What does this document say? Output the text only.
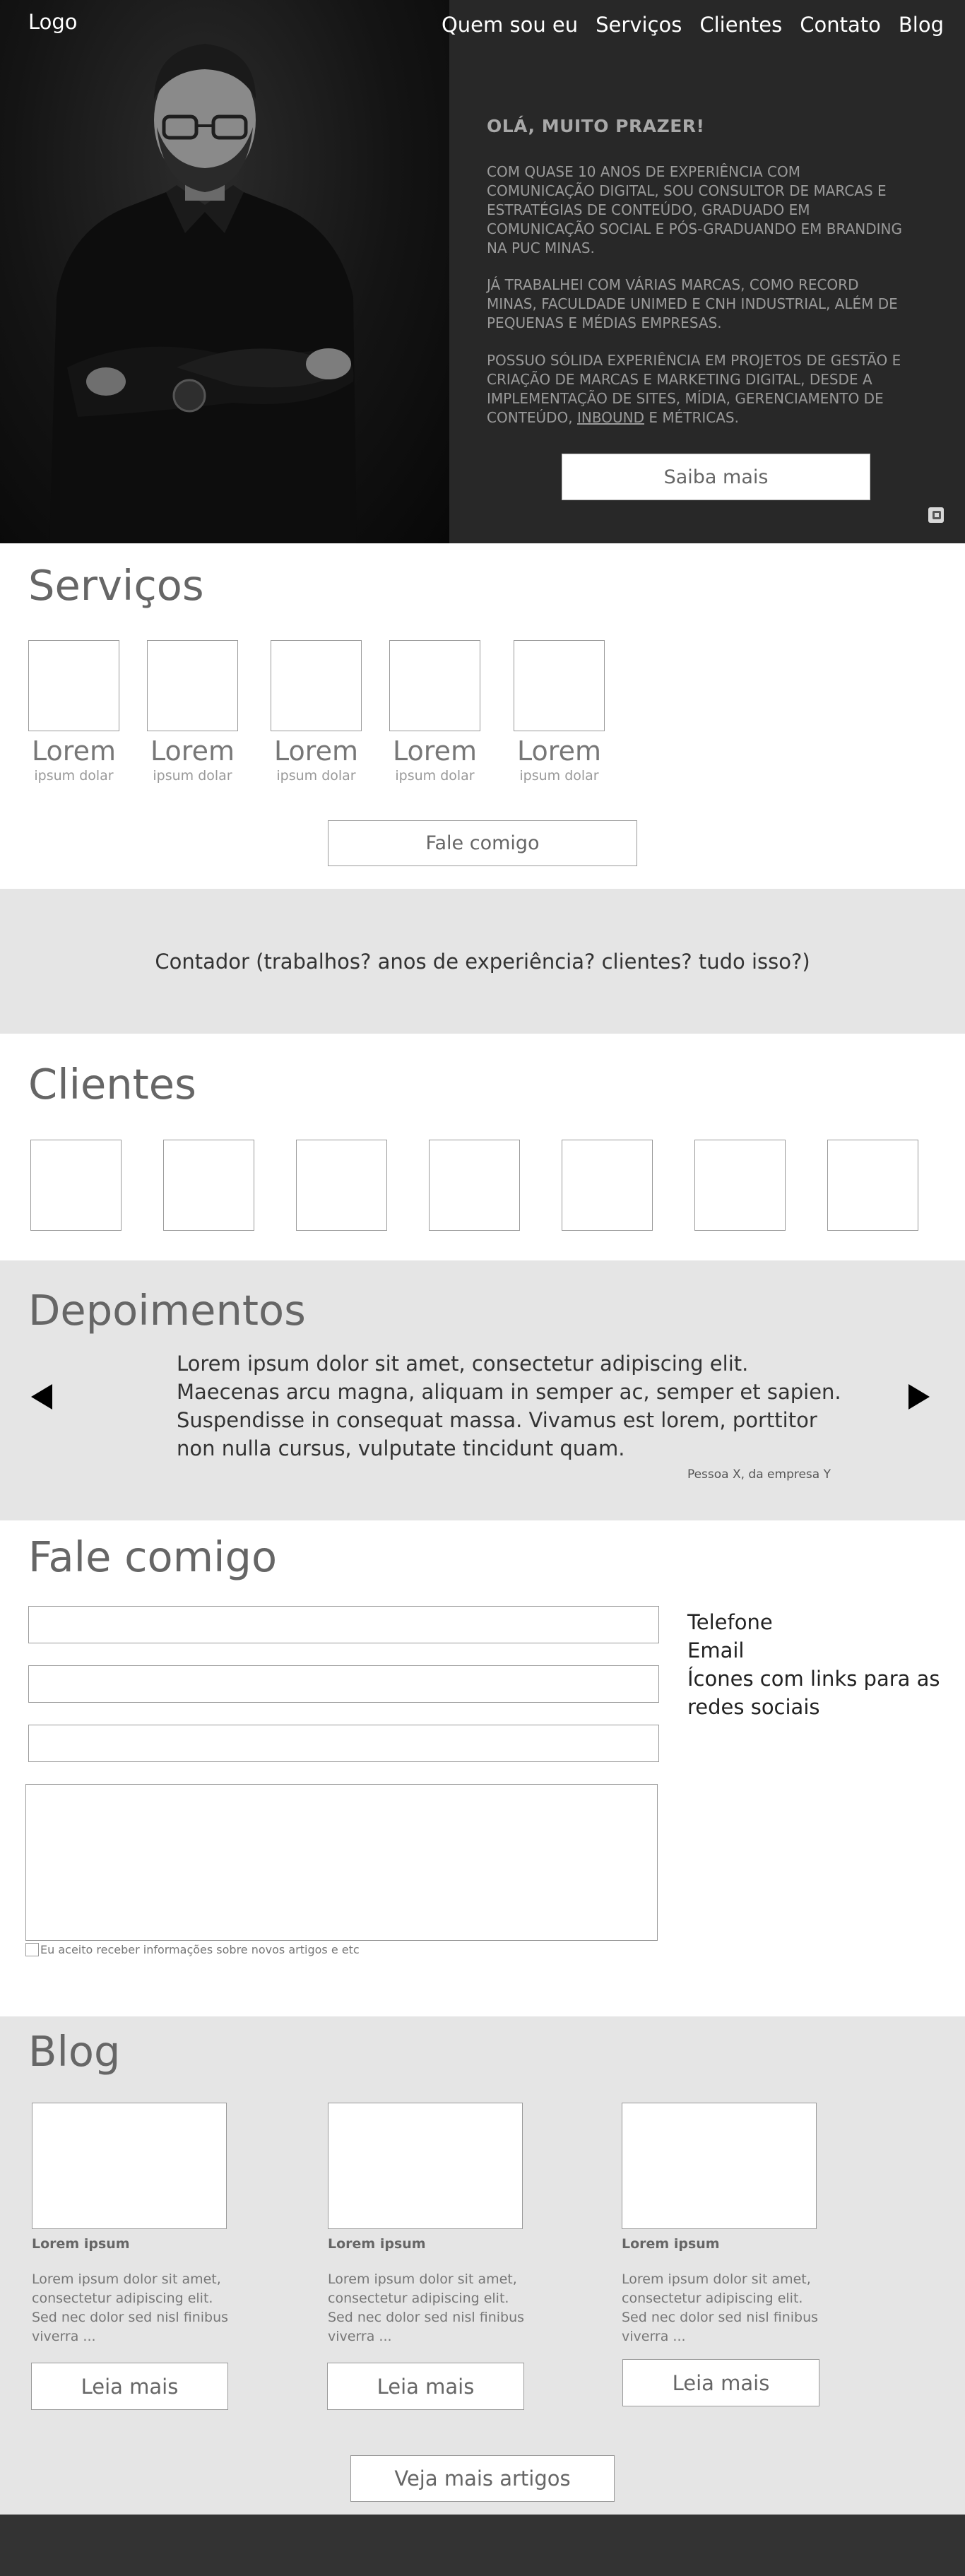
Logo	Quem sou eu Serviços Clientes Contato Blog
OLÁ, MUITO PRAZER!

COM QUASE 10 ANOS DE EXPERIÊNCIA COM COMUNICAÇÃO DIGITAL, SOU CONSULTOR DE MARCAS E ESTRATÉGIAS DE CONTEÚDO, GRADUADO EM COMUNICAÇÃO SOCIAL E PÓS-GRADUANDO EM BRANDING NA PUC MINAS.

JÁ TRABALHEI COM VÁRIAS MARCAS, COMO RECORD MINAS, FACULDADE UNIMED E CNH INDUSTRIAL, ALÉM DE PEQUENAS E MÉDIAS EMPRESAS.

POSSUO SÓLIDA EXPERIÊNCIA EM PROJETOS DE GESTÃO E CRIAÇÃO DE MARCAS E MARKETING DIGITAL, DESDE A IMPLEMENTAÇÃO DE SITES, MÍDIA, GERENCIAMENTO DE CONTEÚDO, INBOUND E MÉTRICAS.

Saiba mais
Serviços
Lorem
ipsum dolar
Lorem
ipsum dolar
Lorem
ipsum dolar
Lorem
ipsum dolar
Lorem
ipsum dolar
Fale comigo
Contador (trabalhos? anos de experiência? clientes? tudo isso?)
Clientes
Depoimentos

Lorem ipsum dolor sit amet, consectetur adipiscing elit. Maecenas arcu magna, aliquam in semper ac, semper et sapien. Suspendisse in consequat massa. Vivamus est lorem, porttitor non nulla cursus, vulputate tincidunt quam.

Pessoa X, da empresa Y
Fale comigo
Eu aceito receber informações sobre novos artigos e etc
Telefone
Email
Ícones com links para as redes sociais
Blog
Lorem ipsum
Lorem ipsum dolor sit amet, consectetur adipiscing elit. Sed nec dolor sed nisl finibus viverra ...
Leia mais
Lorem ipsum
Lorem ipsum dolor sit amet, consectetur adipiscing elit. Sed nec dolor sed nisl finibus viverra ...
Leia mais
Lorem ipsum
Lorem ipsum dolor sit amet, consectetur adipiscing elit. Sed nec dolor sed nisl finibus viverra ...
Leia mais
Veja mais artigos
